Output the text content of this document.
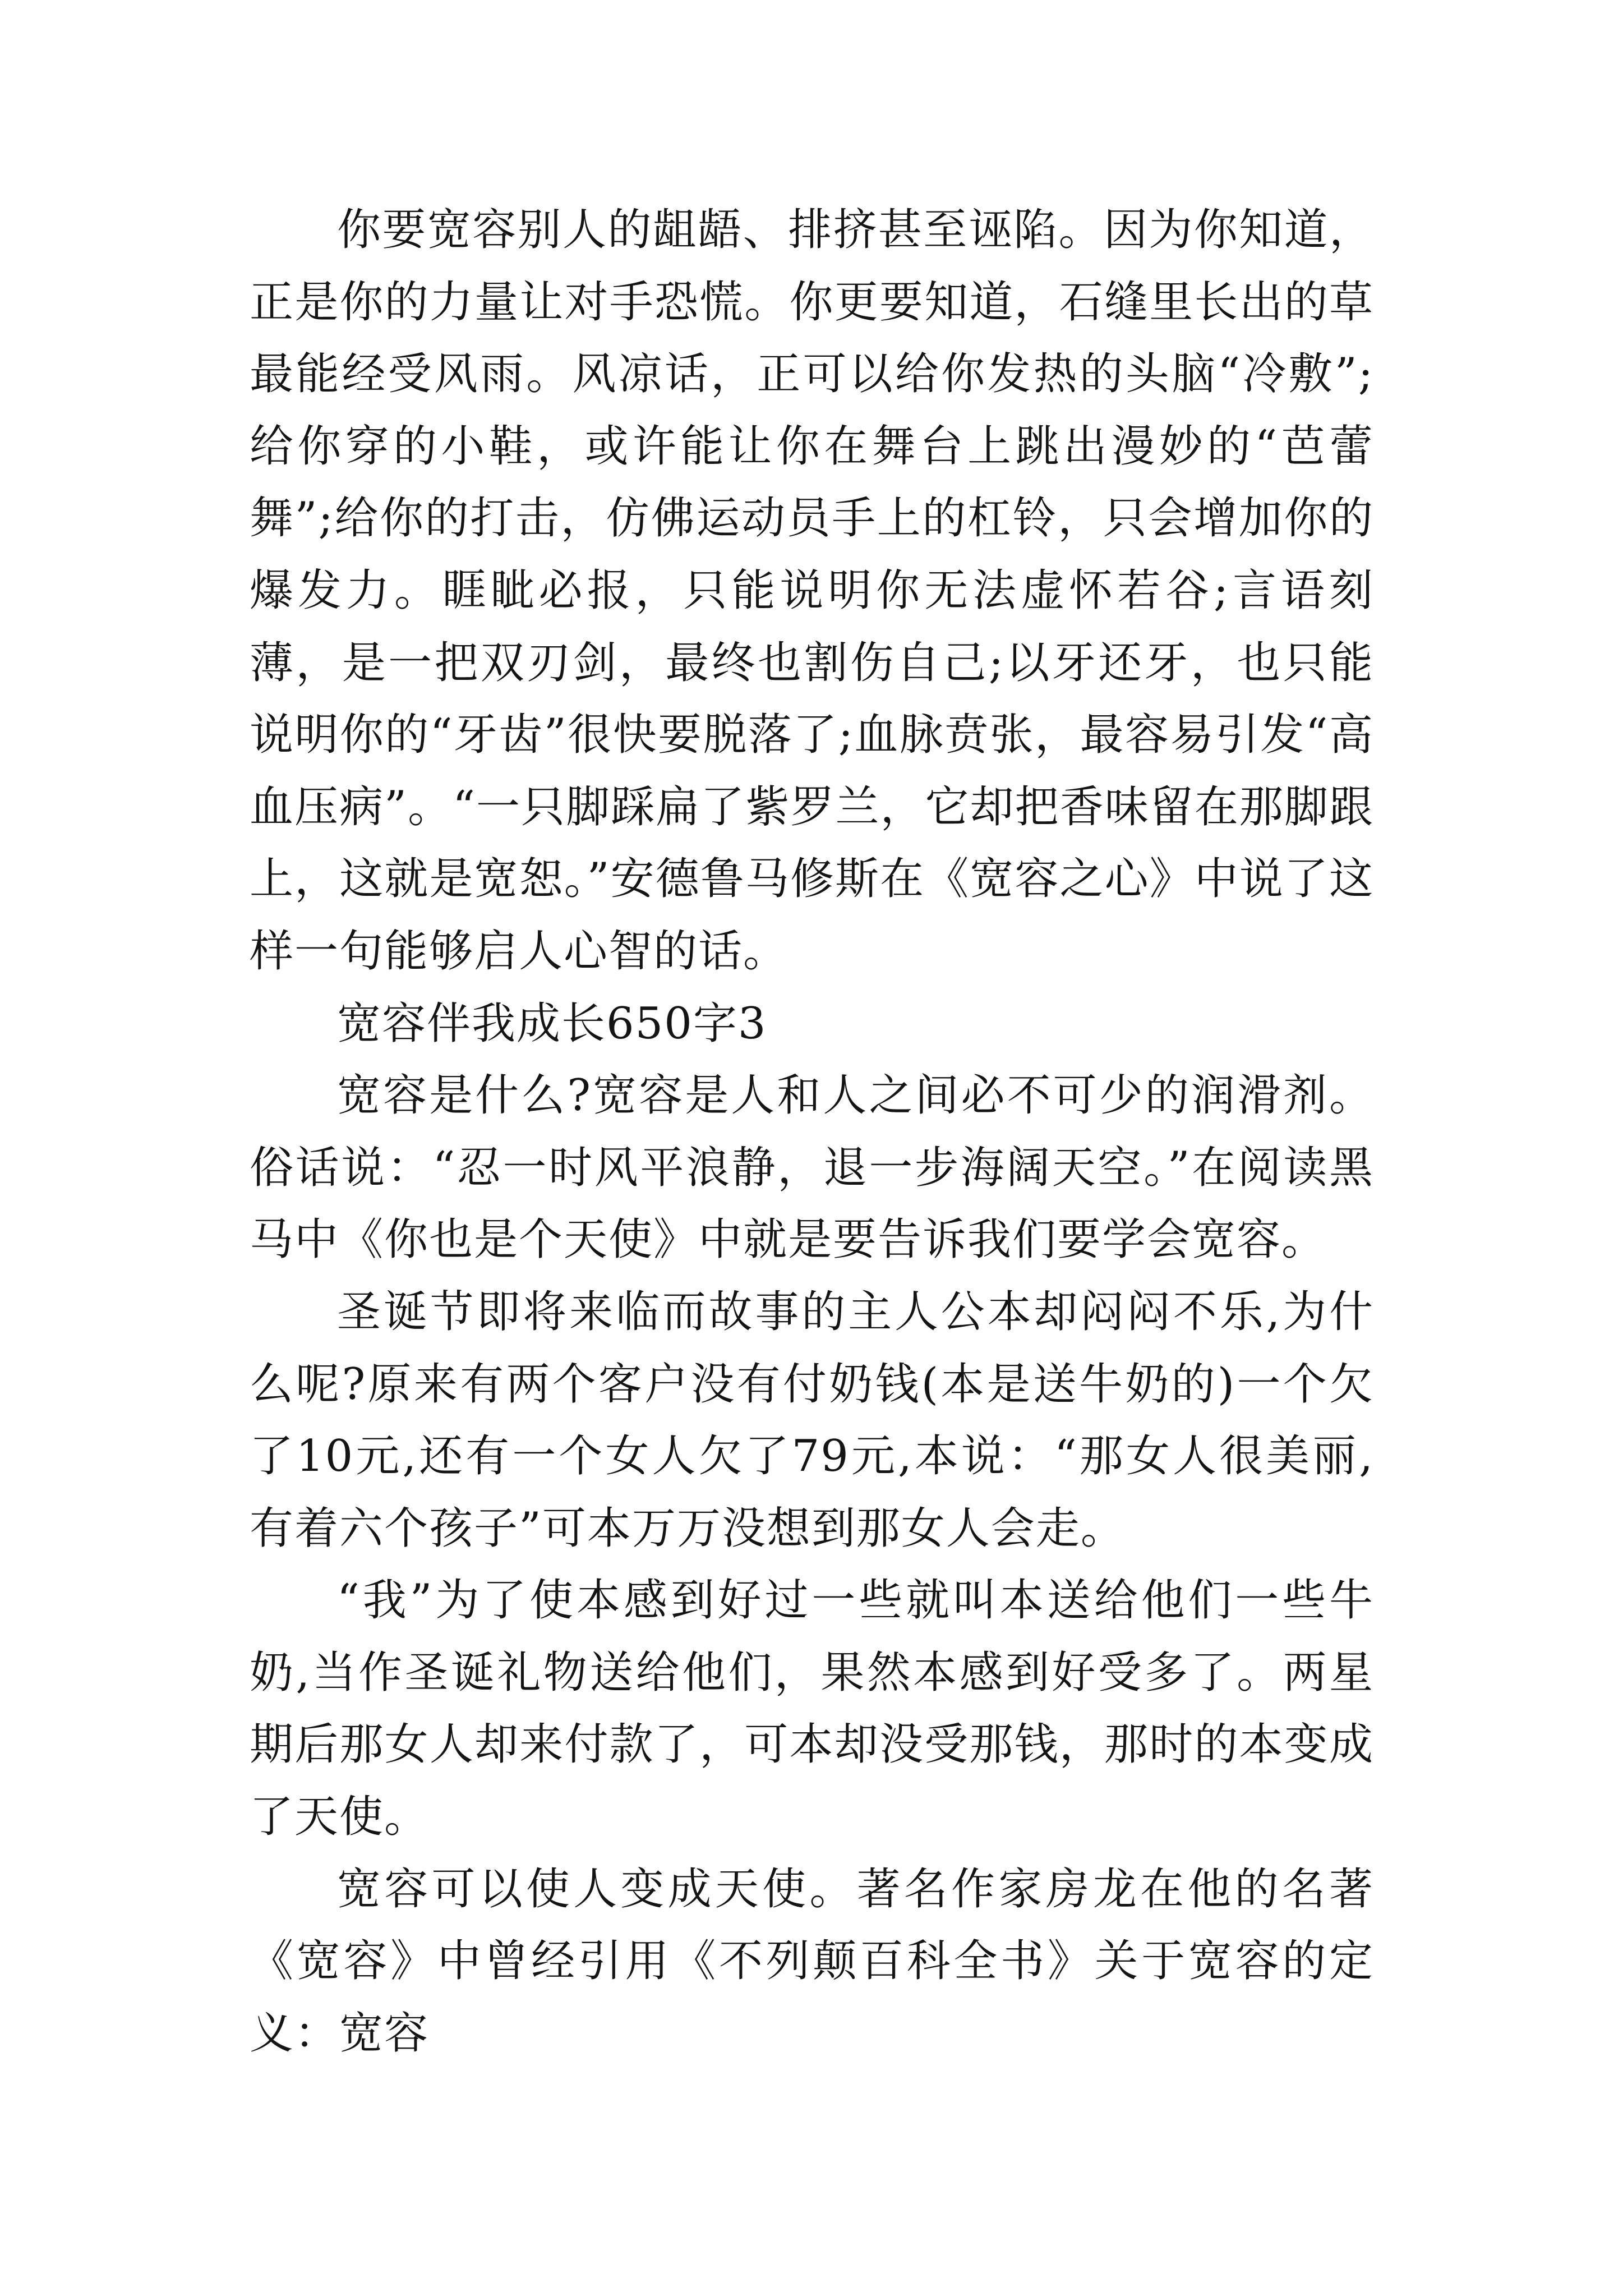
你要宽容别人的龃龉、排挤甚至诬陷。因为你知道，正是你的力量让对手恐慌。你更要知道，石缝里长出的草最能经受风雨。风凉话，正可以给你发热的头脑“冷敷”;给你穿的小鞋，或许能让你在舞台上跳出漫妙的“芭蕾舞”;给你的打击，仿佛运动员手上的杠铃，只会增加你的爆发力。睚眦必报，只能说明你无法虚怀若谷;言语刻薄，是一把双刃剑，最终也割伤自己;以牙还牙，也只能说明你的“牙齿”很快要脱落了;血脉贲张，最容易引发“高血压病”。“一只脚踩扁了紫罗兰，它却把香味留在那脚跟上，这就是宽恕。”安德鲁马修斯在《宽容之心》中说了这样一句能够启人心智的话。

宽容伴我成长650字3

宽容是什么?宽容是人和人之间必不可少的润滑剂。俗话说：“忍一时风平浪静，退一步海阔天空。”在阅读黑马中《你也是个天使》中就是要告诉我们要学会宽容。

圣诞节即将来临而故事的主人公本却闷闷不乐,为什么呢?原来有两个客户没有付奶钱(本是送牛奶的)一个欠了10元,还有一个女人欠了79元,本说：“那女人很美丽,有着六个孩子”可本万万没想到那女人会走。

“我”为了使本感到好过一些就叫本送给他们一些牛奶,当作圣诞礼物送给他们，果然本感到好受多了。两星期后那女人却来付款了，可本却没受那钱，那时的本变成了天使。

宽容可以使人变成天使。著名作家房龙在他的名著《宽容》中曾经引用《不列颠百科全书》关于宽容的定义：宽容
